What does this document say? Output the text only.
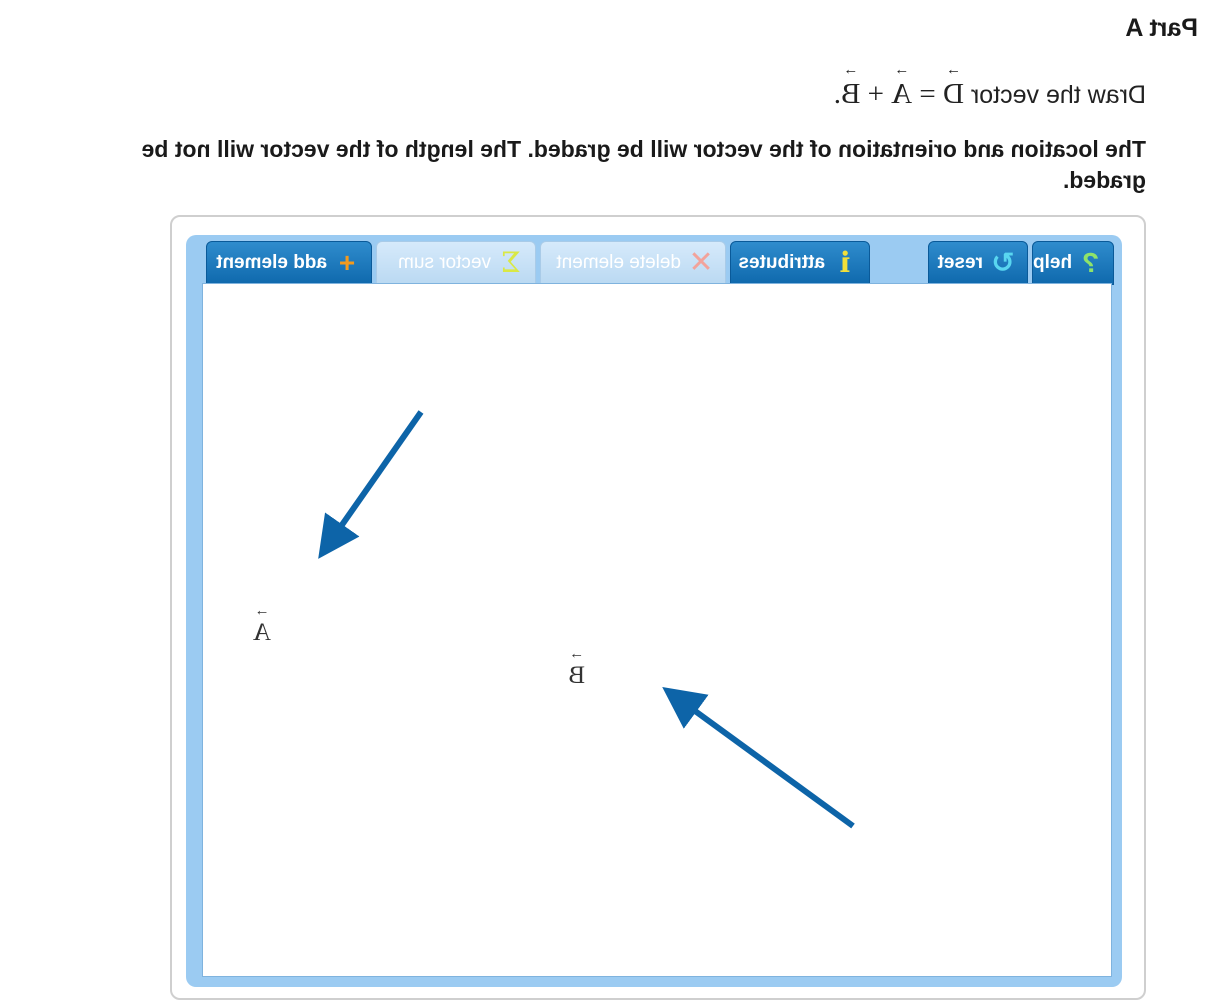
Part A
Draw the vector → D = → A + → B.
The location and orientation of the vector will be graded. The length of the vector will not be graded.
?
help
↻
reset
i
attributes
✕
delete element
Σ
vector sum
+
add element
→ B
→ A
